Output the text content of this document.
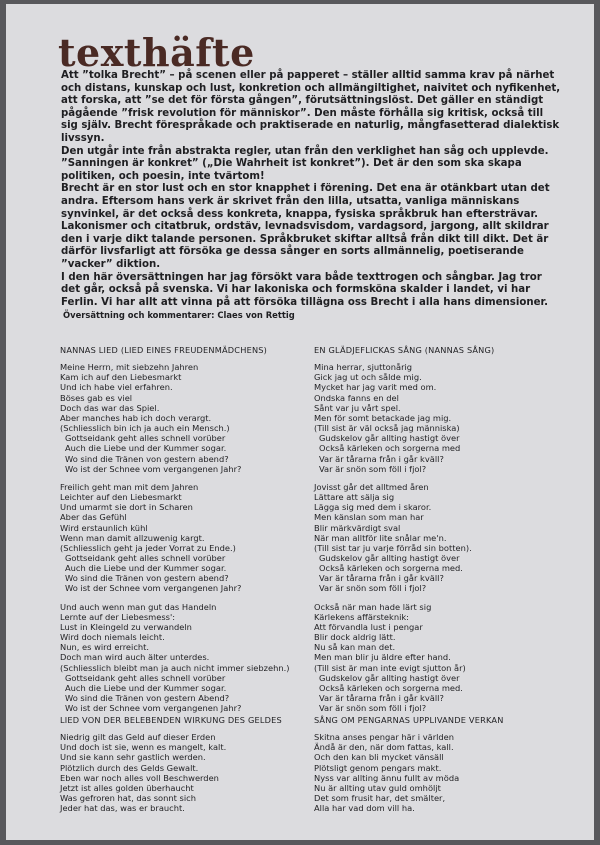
texthäfte

Att ”tolka Brecht” – på scenen eller på papperet – ställer alltid samma krav på närhet och distans, kunskap och lust, konkretion och allmängiltighet, naivitet och nyfikenhet, att forska, att ”se det för första gången”, förutsättningslöst. Det gäller en ständigt pågående ”frisk revolution för människor”. Den måste förhålla sig kritisk, också till sig själv. Brecht förespråkade och praktiserade en naturlig, mångfasetterad dialektisk livssyn.

Den utgår inte från abstrakta regler, utan från den verklighet han såg och upplevde. ”Sanningen är konkret” („Die Wahrheit ist konkret”). Det är den som ska skapa politiken, och poesin, inte tvärtom!

Brecht är en stor lust och en stor knapphet i förening. Det ena är otänkbart utan det andra. Eftersom hans verk är skrivet från den lilla, utsatta, vanliga människans synvinkel, är det också dess konkreta, knappa, fysiska språkbruk han eftersträvar. Lakonismer och citatbruk, ordstäv, levnadsvisdom, vardagsord, jargong, allt skildrar den i varje dikt talande personen. Språkbruket skiftar alltså från dikt till dikt. Det är därför livsfarligt att försöka ge dessa sånger en sorts allmännelig, poetiserande ”vacker” diktion.

I den här översättningen har jag försökt vara både texttrogen och sångbar. Jag tror det går, också på svenska. Vi har lakoniska och formsköna skalder i landet, vi har Ferlin. Vi har allt att vinna på att försöka tillägna oss Brecht i alla hans dimensioner.

Översättning och kommentarer: Claes von Rettig
NANNAS LIED (LIED EINES FREUDENMÄDCHENS)
Meine Herrn, mit siebzehn Jahren
Kam ich auf den Liebesmarkt
Und ich habe viel erfahren.
Böses gab es viel
Doch das war das Spiel.
Aber manches hab ich doch verargt.
(Schliesslich bin ich ja auch ein Mensch.)
Gottseidank geht alles schnell vorüber
Auch die Liebe und der Kummer sogar.
Wo sind die Tränen von gestern abend?
Wo ist der Schnee vom vergangenen Jahr?
Freilich geht man mit dem Jahren
Leichter auf den Liebesmarkt
Und umarmt sie dort in Scharen
Aber das Gefühl
Wird erstaunlich kühl
Wenn man damit allzuwenig kargt.
(Schliesslich geht ja jeder Vorrat zu Ende.)
Gottseidank geht alles schnell vorüber
Auch die Liebe und der Kummer sogar.
Wo sind die Tränen von gestern abend?
Wo ist der Schnee vom vergangenen Jahr?
Und auch wenn man gut das Handeln
Lernte auf der Liebesmess':
Lust in Kleingeld zu verwandeln
Wird doch niemals leicht.
Nun, es wird erreicht.
Doch man wird auch älter unterdes.
(Schliesslich bleibt man ja auch nicht immer siebzehn.)
Gottseidank geht alles schnell vorüber
Auch die Liebe und der Kummer sogar.
Wo sind die Tränen von gestern Abend?
Wo ist der Schnee vom vergangenen Jahr?
EN GLÄDJEFLICKAS SÅNG (NANNAS SÅNG)
Mina herrar, sjuttonårig
Gick jag ut och sålde mig.
Mycket har jag varit med om.
Ondska fanns en del
Sånt var ju vårt spel.
Men för somt betackade jag mig.
(Till sist är väl också jag människa)
Gudskelov går allting hastigt över
Också kärleken och sorgerna med
Var är tårarna från i går kväll?
Var är snön som föll i fjol?
Jovisst går det alltmed åren
Lättare att sälja sig
Lägga sig med dem i skaror.
Men känslan som man har
Blir märkvärdigt sval
När man alltför lite snålar me'n.
(Till sist tar ju varje förråd sin botten).
Gudskelov går allting hastigt över
Också kärleken och sorgerna med.
Var är tårarna från i går kväll?
Var är snön som föll i fjol?
Också när man hade lärt sig
Kärlekens affärsteknik:
Att förvandla lust i pengar
Blir dock aldrig lätt.
Nu så kan man det.
Men man blir ju äldre efter hand.
(Till sist är man inte evigt sjutton år)
Gudskelov går allting hastigt över
Också kärleken och sorgerna med.
Var är tårarna från i går kväll?
Var är snön som föll i fjol?
LIED VON DER BELEBENDEN WIRKUNG DES GELDES
Niedrig gilt das Geld auf dieser Erden
Und doch ist sie, wenn es mangelt, kalt.
Und sie kann sehr gastlich werden.
Plötzlich durch des Gelds Gewalt.
Eben war noch alles voll Beschwerden
Jetzt ist alles golden überhaucht
Was gefroren hat, das sonnt sich
Jeder hat das, was er braucht.
SÅNG OM PENGARNAS UPPLIVANDE VERKAN
Skitna anses pengar här i världen
Ändå är den, när dom fattas, kall.
Och den kan bli mycket vänsäll
Plötsligt genom pengars makt.
Nyss var allting ännu fullt av möda
Nu är allting utav guld omhöljt
Det som frusit har, det smälter,
Alla har vad dom vill ha.
